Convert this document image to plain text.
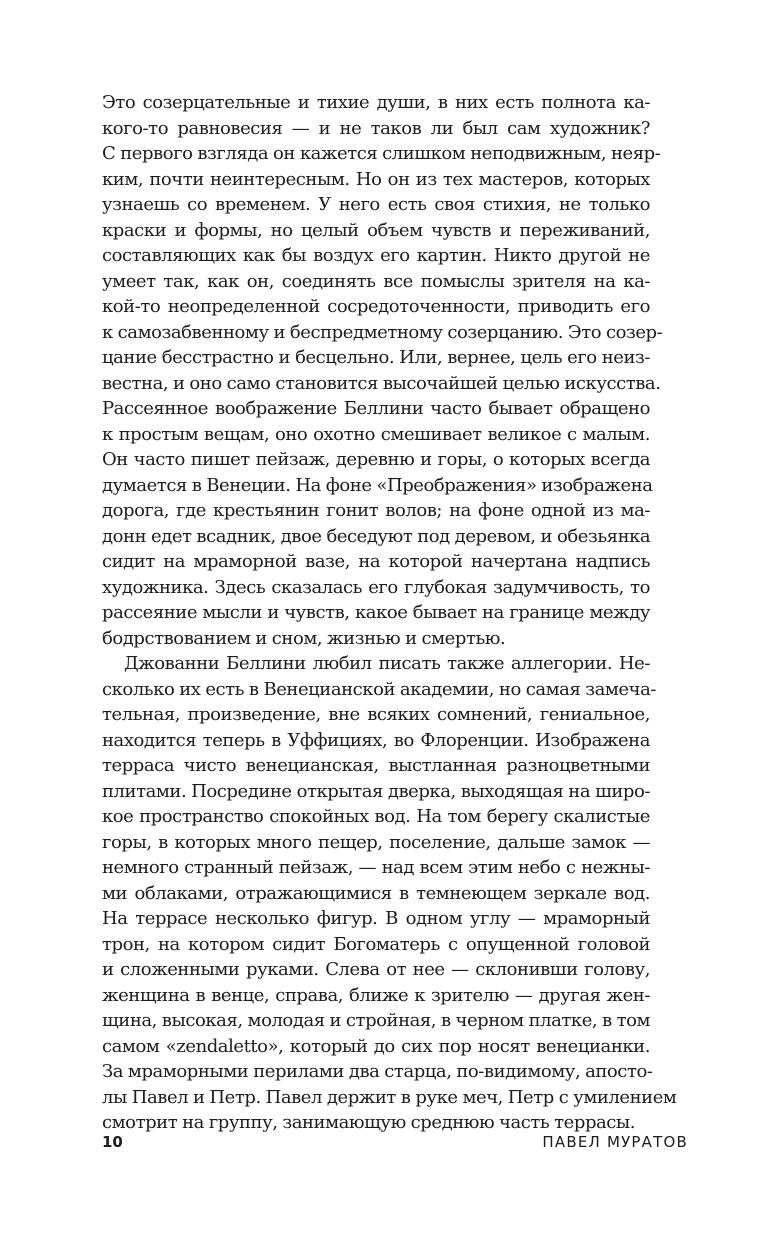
Это созерцательные и тихие души, в них есть полнота ка-
кого-то равновесия — и не таков ли был сам художник?
С первого взгляда он кажется слишком неподвижным, неяр-
ким, почти неинтересным. Но он из тех мастеров, которых
узнаешь со временем. У него есть своя стихия, не только
краски и формы, но целый объем чувств и переживаний,
составляющих как бы воздух его картин. Никто другой не
умеет так, как он, соединять все помыслы зрителя на ка-
кой-то неопределенной сосредоточенности, приводить его
к самозабвенному и беспредметному созерцанию. Это созер-
цание бесстрастно и бесцельно. Или, вернее, цель его неиз-
вестна, и оно само становится высочайшей целью искусства.
Рассеянное воображение Беллини часто бывает обращено
к простым вещам, оно охотно смешивает великое с малым.
Он часто пишет пейзаж, деревню и горы, о которых всегда
думается в Венеции. На фоне «Преображения» изображена
дорога, где крестьянин гонит волов; на фоне одной из ма-
донн едет всадник, двое беседуют под деревом, и обезьянка
сидит на мраморной вазе, на которой начертана надпись
художника. Здесь сказалась его глубокая задумчивость, то
рассеяние мысли и чувств, какое бывает на границе между
бодрствованием и сном, жизнью и смертью.
Джованни Беллини любил писать также аллегории. Не-
сколько их есть в Венецианской академии, но самая замеча-
тельная, произведение, вне всяких сомнений, гениальное,
находится теперь в Уффициях, во Флоренции. Изображена
терраса чисто венецианская, выстланная разноцветными
плитами. Посредине открытая дверка, выходящая на широ-
кое пространство спокойных вод. На том берегу скалистые
горы, в которых много пещер, поселение, дальше замок —
немного странный пейзаж, — над всем этим небо с нежны-
ми облаками, отражающимися в темнеющем зеркале вод.
На террасе несколько фигур. В одном углу — мраморный
трон, на котором сидит Богоматерь с опущенной головой
и сложенными руками. Слева от нее — склонивши голову,
женщина в венце, справа, ближе к зрителю — другая жен-
щина, высокая, молодая и стройная, в черном платке, в том
самом «zendaletto», который до сих пор носят венецианки.
За мраморными перилами два старца, по-видимому, апосто-
лы Павел и Петр. Павел держит в руке меч, Петр с умилением
смотрит на группу, занимающую среднюю часть террасы.
10	ПАВЕЛ МУРАТОВ
